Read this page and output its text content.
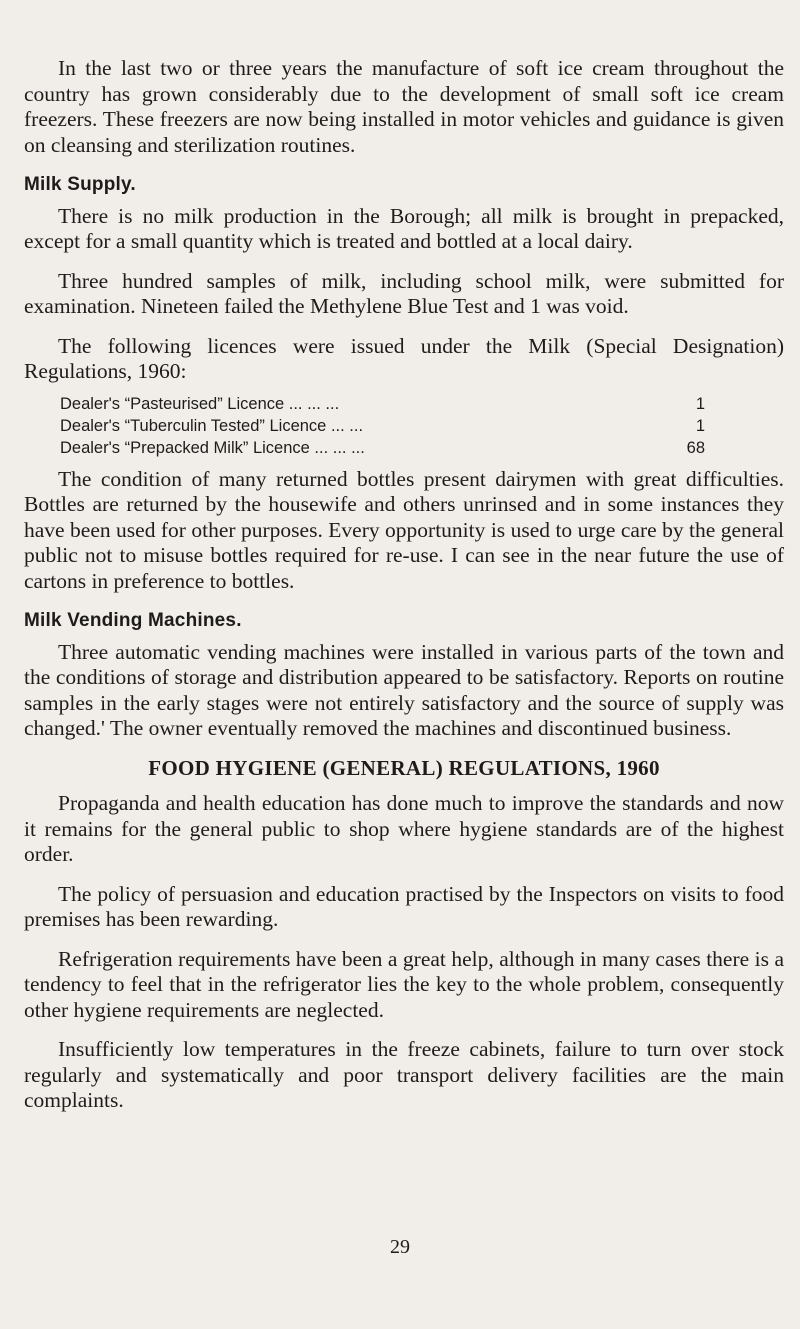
In the last two or three years the manufacture of soft ice cream throughout the country has grown considerably due to the development of small soft ice cream freezers. These freezers are now being installed in motor vehicles and guidance is given on cleansing and sterilization routines.

Milk Supply.

There is no milk production in the Borough; all milk is brought in prepacked, except for a small quantity which is treated and bottled at a local dairy.

Three hundred samples of milk, including school milk, were submitted for examination. Nineteen failed the Methylene Blue Test and 1 was void.

The following licences were issued under the Milk (Special Designation) Regulations, 1960:

Dealer's “Pasteurised” Licence ... ... ...	1
Dealer's “Tuberculin Tested” Licence ... ...	1
Dealer's “Prepacked Milk” Licence ... ... ...	68

The condition of many returned bottles present dairymen with great difficulties. Bottles are returned by the housewife and others unrinsed and in some instances they have been used for other purposes. Every opportunity is used to urge care by the general public not to misuse bottles required for re-use. I can see in the near future the use of cartons in preference to bottles.

Milk Vending Machines.

Three automatic vending machines were installed in various parts of the town and the conditions of storage and distribution appeared to be satisfactory. Reports on routine samples in the early stages were not entirely satisfactory and the source of supply was changed.' The owner eventually removed the machines and discontinued business.

FOOD HYGIENE (GENERAL) REGULATIONS, 1960

Propaganda and health education has done much to improve the standards and now it remains for the general public to shop where hygiene standards are of the highest order.

The policy of persuasion and education practised by the Inspectors on visits to food premises has been rewarding.

Refrigeration requirements have been a great help, although in many cases there is a tendency to feel that in the refrigerator lies the key to the whole problem, consequently other hygiene requirements are neglected.

Insufficiently low temperatures in the freeze cabinets, failure to turn over stock regularly and systematically and poor transport delivery facilities are the main complaints.

29
